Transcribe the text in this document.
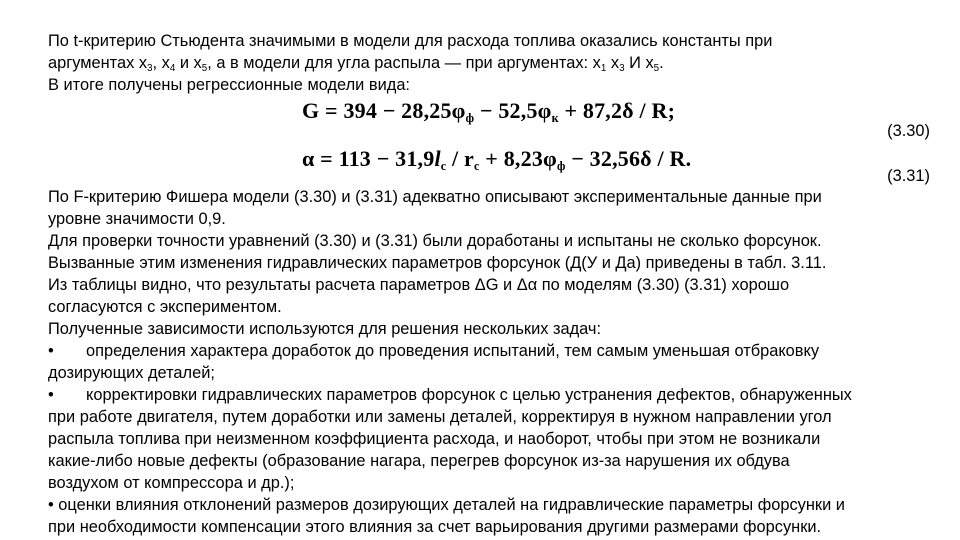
По t-критерию Стьюдента значимыми в модели для расхода топлива оказались константы при
аргументах $x_3$, $x_4$ и $x_5$, а в модели для угла распыла — при аргументах: $x_1$ $x_3$ И $x_5$.
В итоге получены регрессионные модели вида:
G = 394 − 28,25φф − 52,5φк + 87,2δ / R;
(3.30)
α = 113 − 31,9lс / rс + 8,23φф − 32,56δ / R.
(3.31)
По F-критерию Фишера модели (3.30) и (3.31) адекватно описывают экспериментальные данные при
уровне значимости 0,9.
Для проверки точности уравнений (3.30) и (3.31) были доработаны и испытаны не сколько форсунок.
Вызванные этим изменения гидравлических параметров форсунок (Д(У и Да) приведены в табл. 3.11.
Из таблицы видно, что результаты расчета параметров ΔG и Δα по моделям (3.30) (3.31) хорошо
согласуются с экспериментом.
Полученные зависимости используются для решения нескольких задач:
• определения характера доработок до проведения испытаний, тем самым уменьшая отбраковку
дозирующих деталей;
• корректировки гидравлических параметров форсунок с целью устранения дефектов, обнаруженных
при работе двигателя, путем доработки или замены деталей, корректируя в нужном направлении угол
распыла топлива при неизменном коэффициента расхода, и наоборот, чтобы при этом не возникали
какие-либо новые дефекты (образование нагара, перегрев форсунок из-за нарушения их обдува
воздухом от компрессора и др.);
• оценки влияния отклонений размеров дозирующих деталей на гидравлические параметры форсунки и
при необходимости компенсации этого влияния за счет варьирования другими размерами форсунки.
